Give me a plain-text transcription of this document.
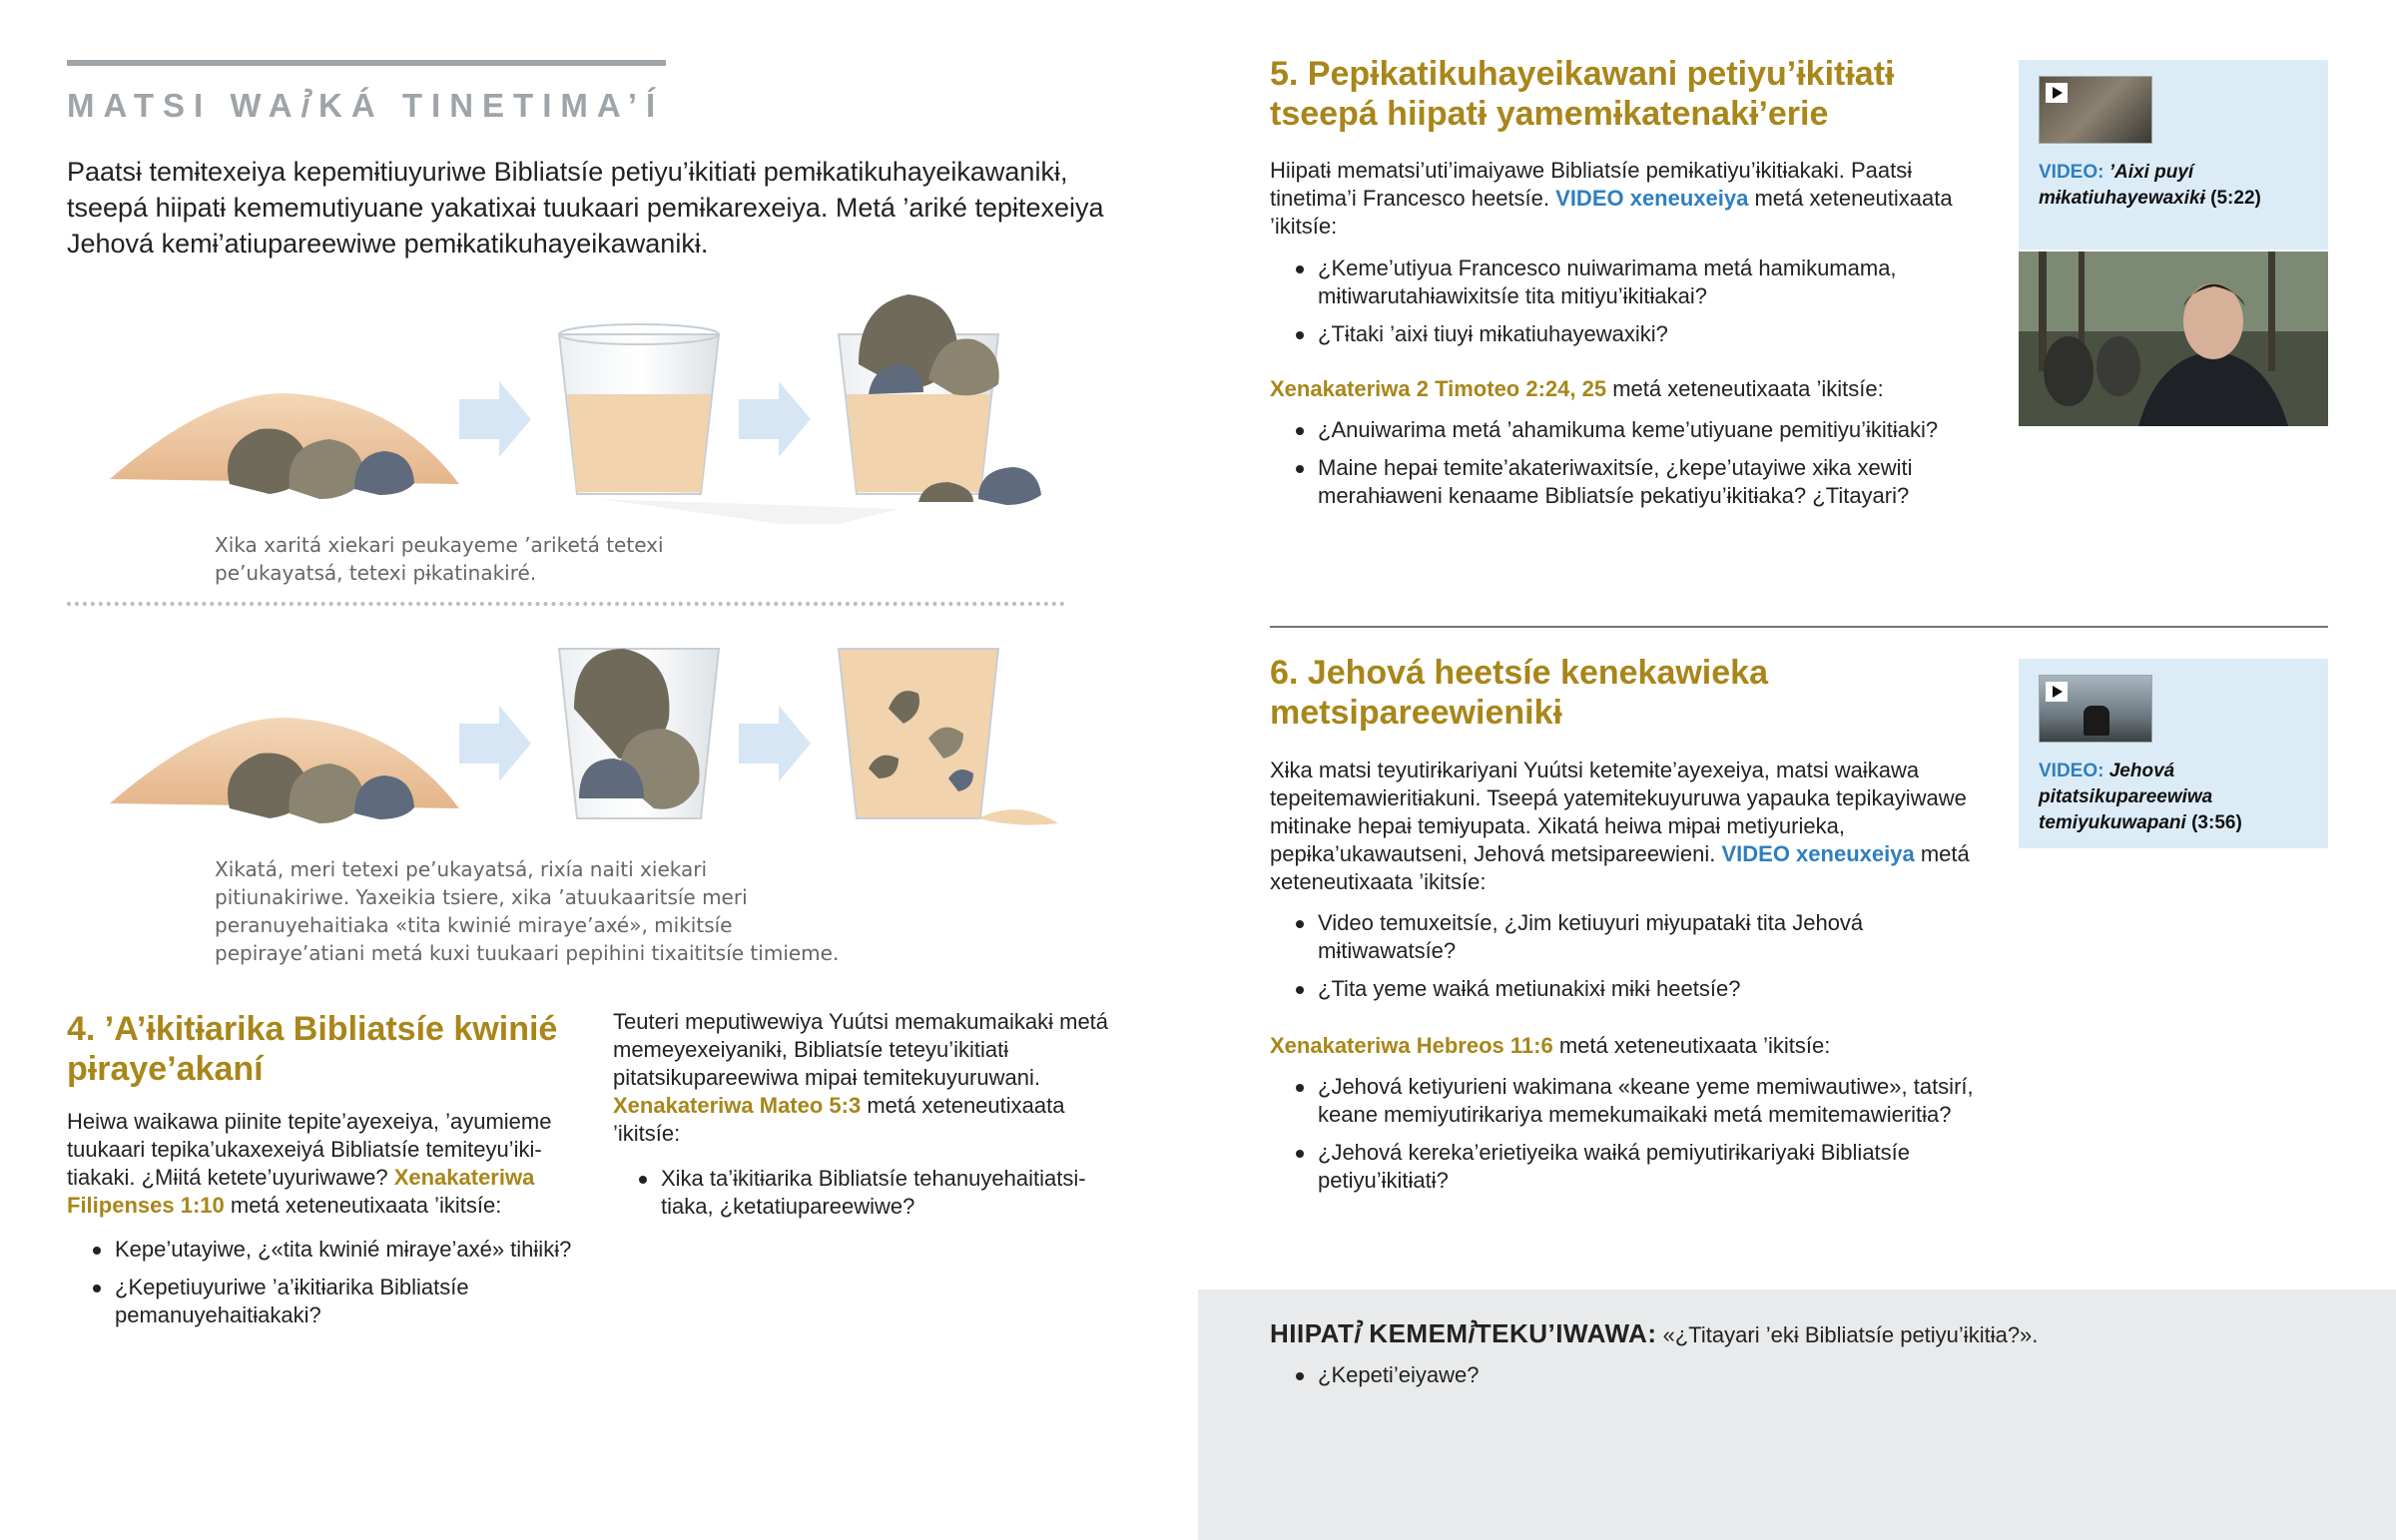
MATSI WAꞽKÁ TINETIMA’Í
Paatsɨ temɨtexeiya kepemɨtiuyuriwe Bibliatsíe petiyu’ɨkitiatɨ pemɨkatikuhayeikawanikɨ, tseepá hiipatɨ kememutiyuane yakatixaɨ tuukaari pemɨkarexeiya. Metá ’ariké tepɨtexeiya Jehová kemɨ’atiupareewiwe pemɨkatikuhayeikawanikɨ.
Xika xaritá xiekari peukayeme ’ariketá tetexi pe’ukayatsá, tetexi pɨkatinakiré.
Xikatá, meri tetexi pe’ukayatsá, rixía naiti xiekari pitiunakiriwe. Yaxeikia tsiere, xika ’atuukaaritsíe meri peranuyehaitiaka «tita kwinié miraye’axé», mikitsíe pepiraye’atiani metá kuxi tuukaari pepihini tixaititsíe timieme.
4. ’A’ɨkitɨarika Bibliatsíe kwinié pɨraye’akaní
Heiwa waikawa piinite tepite’ayexeiya, ’ayumieme tuukaari tepika’ukaxexeiyá Bibliatsíe temiteyu’ikitiakaki. ¿Mɨitá ketete’uyuriwawe? Xenakateriwa Filipenses 1:10 metá xeteneutixaata ’ikitsíe:
Kepe’utayiwe, ¿«tita kwinié mɨraye’axé» tihɨikɨ?
¿Kepetiuyuriwe ’a’ɨkitɨarika Bibliatsíe pemanuyehaitɨakaki?
Teuteri meputiwewiya Yuútsi memakumaikakɨ metá memeyexeiyanikɨ, Bibliatsíe teteyu’ikitiatɨ pitatsikupareewiwa mipaɨ temitekuyuruwani. Xenakateriwa Mateo 5:3 metá xeteneutixaata ’ikitsíe:
Xika ta’ɨkitɨarika Bibliatsíe tehanuyehaitiatsitiaka, ¿ketatiupareewiwe?
5. Pepɨkatikuhayeikawani petiyu’ɨkitɨatɨ tseepá hiipatɨ yamemɨkatenakɨ’erie
Hiipatɨ mematsi’uti’imaiyawe Bibliatsíe pemɨkatiyu’ɨkitɨakaki. Paatsɨ tinetima’i Francesco heetsíe. VIDEO xeneuxeiya metá xeteneutixaata ’ikitsíe:
¿Keme’utiyua Francesco nuiwarimama metá hamikumama, mɨtiwarutahɨawixitsíe tita mitiyu’ɨkitɨakai?
¿Tɨtaki ’aixɨ tiuyɨ mɨkatiuhayewaxiki?
Xenakateriwa 2 Timoteo 2:24, 25 metá xeteneutixaata ’ikitsíe:
¿Anuiwarima metá ’ahamikuma keme’utiyuane pemitiyu’ɨkitɨaki?
Maine hepaɨ temite’akateriwaxitsíe, ¿kepe’utayiwe xɨka xewiti merahɨaweni kenaame Bibliatsíe pekatiyu’ɨkitɨaka? ¿Titayari?
VIDEO: ’Aixi puyí mɨkatiuhayewaxikɨ (5:22)
6. Jehová heetsíe kenekawieka metsipareewienikɨ
Xɨka matsi teyutirɨkariyani Yuútsi ketemɨte’ayexeiya, matsi waɨkawa tepeitemawieritɨakuni. Tseepá yatemɨtekuyuruwa yapauka tepikayiwawe mɨtinake hepaɨ temɨyupata. Xikatá heiwa mɨpaɨ metiyurieka, pepɨka’ukawautseni, Jehová metsipareewieni. VIDEO xeneuxeiya metá xeteneutixaata ’ikitsíe:
Video temuxeitsíe, ¿Jim ketiuyuri mɨyupatakɨ tita Jehová mɨtiwawatsíe?
¿Tita yeme waɨká metiunakixɨ mɨkɨ heetsíe?
Xenakateriwa Hebreos 11:6 metá xeteneutixaata ’ikitsíe:
¿Jehová ketiyurieni wakimana «keane yeme memiwautiwe», tatsirí, keane memiyutirɨkariya memekumaikakɨ metá memitemawieritɨa?
¿Jehová kereka’erietiyeika waɨká pemiyutirɨkariyakɨ Bibliatsíe petiyu’ɨkitɨatɨ?
VIDEO: Jehová pitatsikupareewiwa temiyukuwapani (3:56)
HIIPATꞽ KEMEMꞽTEKU’IWAWA: «¿Titayari ’ekɨ Bibliatsíe petiyu’ɨkitɨa?».
¿Kepeti’eiyawe?
